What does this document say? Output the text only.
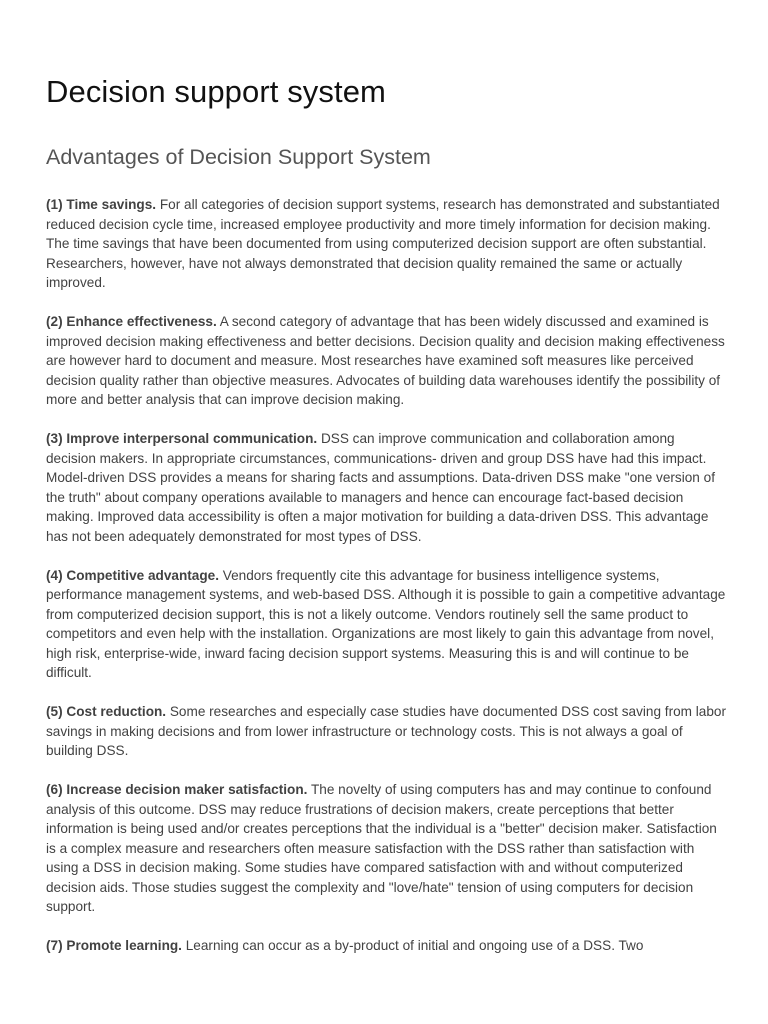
Decision support system
Advantages of Decision Support System

(1) Time savings. For all categories of decision support systems, research has demonstrated and substantiated reduced decision cycle time, increased employee productivity and more timely information for decision making. The time savings that have been documented from using computerized decision support are often substantial. Researchers, however, have not always demonstrated that decision quality remained the same or actually improved.

(2) Enhance effectiveness. A second category of advantage that has been widely discussed and examined is improved decision making effectiveness and better decisions. Decision quality and decision making effectiveness are however hard to document and measure. Most researches have examined soft measures like perceived decision quality rather than objective measures. Advocates of building data warehouses identify the possibility of more and better analysis that can improve decision making.

(3) Improve interpersonal communication. DSS can improve communication and collaboration among decision makers. In appropriate circumstances, communications- driven and group DSS have had this impact. Model-driven DSS provides a means for sharing facts and assumptions. Data-driven DSS make "one version of the truth" about company operations available to managers and hence can encourage fact-based decision making. Improved data accessibility is often a major motivation for building a data-driven DSS. This advantage has not been adequately demonstrated for most types of DSS.

(4) Competitive advantage. Vendors frequently cite this advantage for business intelligence systems, performance management systems, and web-based DSS. Although it is possible to gain a competitive advantage from computerized decision support, this is not a likely outcome. Vendors routinely sell the same product to competitors and even help with the installation. Organizations are most likely to gain this advantage from novel, high risk, enterprise-wide, inward facing decision support systems. Measuring this is and will continue to be difficult.

(5) Cost reduction. Some researches and especially case studies have documented DSS cost saving from labor savings in making decisions and from lower infrastructure or technology costs. This is not always a goal of building DSS.

(6) Increase decision maker satisfaction. The novelty of using computers has and may continue to confound analysis of this outcome. DSS may reduce frustrations of decision makers, create perceptions that better information is being used and/or creates perceptions that the individual is a "better" decision maker. Satisfaction is a complex measure and researchers often measure satisfaction with the DSS rather than satisfaction with using a DSS in decision making. Some studies have compared satisfaction with and without computerized decision aids. Those studies suggest the complexity and "love/hate" tension of using computers for decision support.

(7) Promote learning. Learning can occur as a by-product of initial and ongoing use of a DSS. Two
